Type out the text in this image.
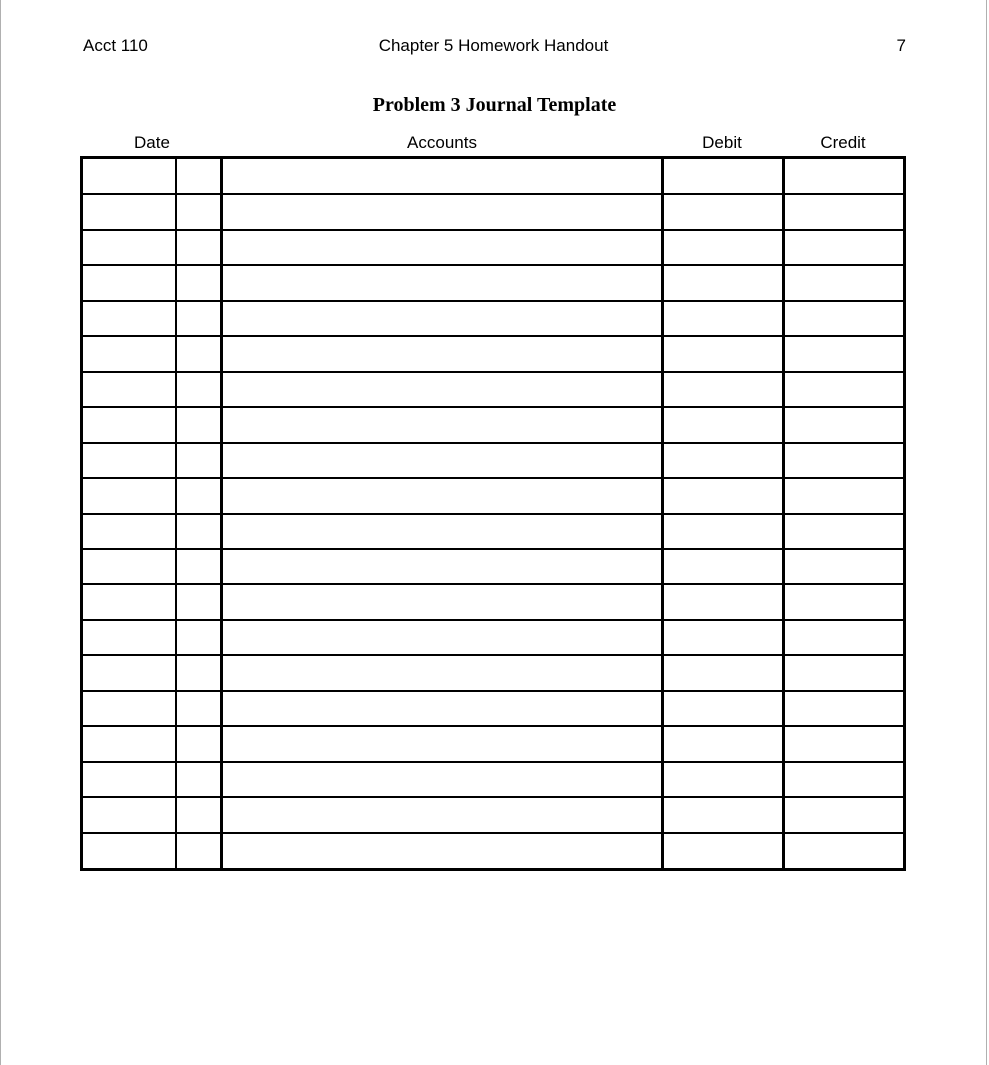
Acct 110	Chapter 5 Homework Handout	7
Problem 3 Journal Template
Date	Accounts	Debit	Credit
